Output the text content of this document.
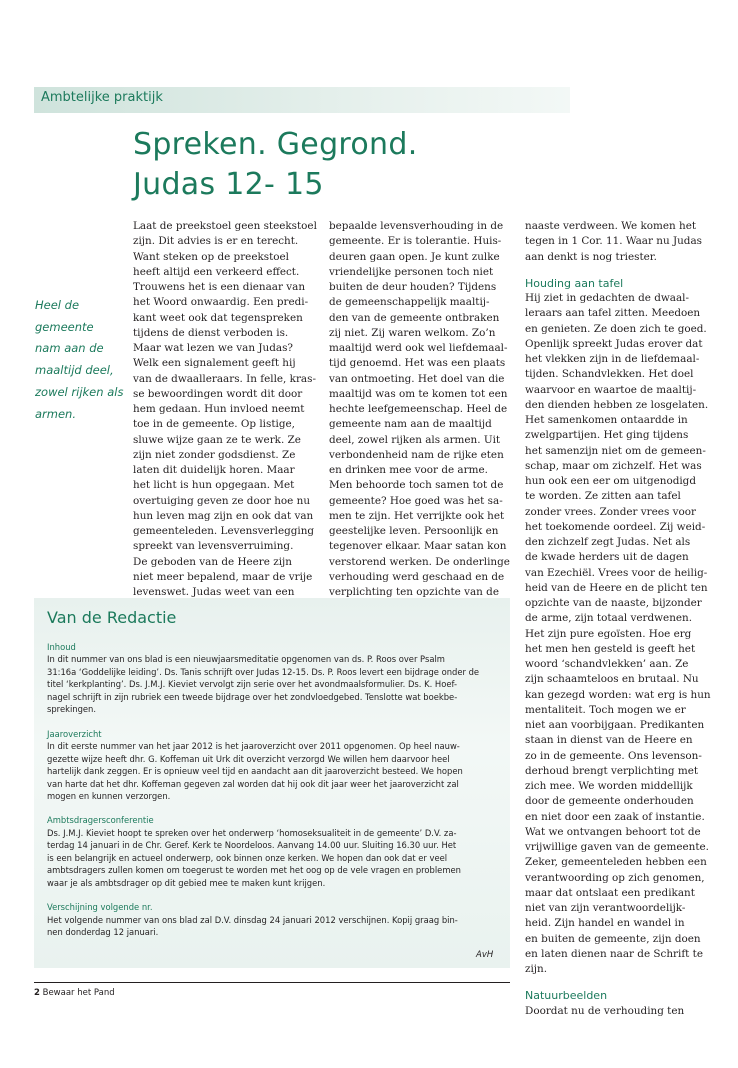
Ambtelijke praktijk
Spreken. Gegrond.
Judas 12- 15
Heel de
gemeente
nam aan de
maaltijd deel,
zowel rijken als
armen.
Laat de preekstoel geen steekstoel
zijn. Dit advies is er en terecht.
Want steken op de preekstoel
heeft altijd een verkeerd effect.
Trouwens het is een dienaar van
het Woord onwaardig. Een predi-
kant weet ook dat tegenspreken
tijdens de dienst verboden is.
Maar wat lezen we van Judas?
Welk een signalement geeft hij
van de dwaalleraars. In felle, kras-
se bewoordingen wordt dit door
hem gedaan. Hun invloed neemt
toe in de gemeente. Op listige,
sluwe wijze gaan ze te werk. Ze
zijn niet zonder godsdienst. Ze
laten dit duidelijk horen. Maar
het licht is hun opgegaan. Met
overtuiging geven ze door hoe nu
hun leven mag zijn en ook dat van
gemeenteleden. Levensverlegging
spreekt van levensverruiming.
De geboden van de Heere zijn
niet meer bepalend, maar de vrije
levenswet. Judas weet van een
bepaalde levensverhouding in de
gemeente. Er is tolerantie. Huis-
deuren gaan open. Je kunt zulke
vriendelijke personen toch niet
buiten de deur houden? Tijdens
de gemeenschappelijk maaltij-
den van de gemeente ontbraken
zij niet. Zij waren welkom. Zo’n
maaltijd werd ook wel liefdemaal-
tijd genoemd. Het was een plaats
van ontmoeting. Het doel van die
maaltijd was om te komen tot een
hechte leefgemeenschap. Heel de
gemeente nam aan de maaltijd
deel, zowel rijken als armen. Uit
verbondenheid nam de rijke eten
en drinken mee voor de arme.
Men behoorde toch samen tot de
gemeente? Hoe goed was het sa-
men te zijn. Het verrijkte ook het
geestelijke leven. Persoonlijk en
tegenover elkaar. Maar satan kon
verstorend werken. De onderlinge
verhouding werd geschaad en de
verplichting ten opzichte van de
naaste verdween. We komen het
tegen in 1 Cor. 11. Waar nu Judas
aan denkt is nog triester.
Houding aan tafel
Hij ziet in gedachten de dwaal-
leraars aan tafel zitten. Meedoen
en genieten. Ze doen zich te goed.
Openlijk spreekt Judas erover dat
het vlekken zijn in de liefdemaal-
tijden. Schandvlekken. Het doel
waarvoor en waartoe de maaltij-
den dienden hebben ze losgelaten.
Het samenkomen ontaardde in
zwelgpartijen. Het ging tijdens
het samenzijn niet om de gemeen-
schap, maar om zichzelf. Het was
hun ook een eer om uitgenodigd
te worden. Ze zitten aan tafel
zonder vrees. Zonder vrees voor
het toekomende oordeel. Zij weid-
den zichzelf zegt Judas. Net als
de kwade herders uit de dagen
van Ezechiël. Vrees voor de heilig-
heid van de Heere en de plicht ten
opzichte van de naaste, bijzonder
de arme, zijn totaal verdwenen.
Het zijn pure egoïsten. Hoe erg
het men hen gesteld is geeft het
woord ‘schandvlekken’ aan. Ze
zijn schaamteloos en brutaal. Nu
kan gezegd worden: wat erg is hun
mentaliteit. Toch mogen we er
niet aan voorbijgaan. Predikanten
staan in dienst van de Heere en
zo in de gemeente. Ons levenson-
derhoud brengt verplichting met
zich mee. We worden middellijk
door de gemeente onderhouden
en niet door een zaak of instantie.
Wat we ontvangen behoort tot de
vrijwillige gaven van de gemeente.
Zeker, gemeenteleden hebben een
verantwoording op zich genomen,
maar dat ontslaat een predikant
niet van zijn verantwoordelijk-
heid. Zijn handel en wandel in
en buiten de gemeente, zijn doen
en laten dienen naar de Schrift te
zijn.
Natuurbeelden
Doordat nu de verhouding ten
Van de Redactie
Inhoud
In dit nummer van ons blad is een nieuwjaarsmeditatie opgenomen van ds. P. Roos over Psalm
31:16a ‘Goddelijke leiding’. Ds. Tanis schrijft over Judas 12-15. Ds. P. Roos levert een bijdrage onder de
titel ‘kerkplanting’. Ds. J.M.J. Kieviet vervolgt zijn serie over het avondmaalsformulier. Ds. K. Hoef-
nagel schrijft in zijn rubriek een tweede bijdrage over het zondvloedgebed. Tenslotte wat boekbe-
sprekingen.
Jaaroverzicht
In dit eerste nummer van het jaar 2012 is het jaaroverzicht over 2011 opgenomen. Op heel nauw-
gezette wijze heeft dhr. G. Koffeman uit Urk dit overzicht verzorgd We willen hem daarvoor heel
hartelijk dank zeggen. Er is opnieuw veel tijd en aandacht aan dit jaaroverzicht besteed. We hopen
van harte dat het dhr. Koffeman gegeven zal worden dat hij ook dit jaar weer het jaaroverzicht zal
mogen en kunnen verzorgen.
Ambtsdragersconferentie
Ds. J.M.J. Kieviet hoopt te spreken over het onderwerp ‘homoseksualiteit in de gemeente’ D.V. za-
terdag 14 januari in de Chr. Geref. Kerk te Noordeloos. Aanvang 14.00 uur. Sluiting 16.30 uur. Het
is een belangrijk en actueel onderwerp, ook binnen onze kerken. We hopen dan ook dat er veel
ambtsdragers zullen komen om toegerust te worden met het oog op de vele vragen en problemen
waar je als ambtsdrager op dit gebied mee te maken kunt krijgen.
Verschijning volgende nr.
Het volgende nummer van ons blad zal D.V. dinsdag 24 januari 2012 verschijnen. Kopij graag bin-
nen donderdag 12 januari.
AvH
2 Bewaar het Pand
